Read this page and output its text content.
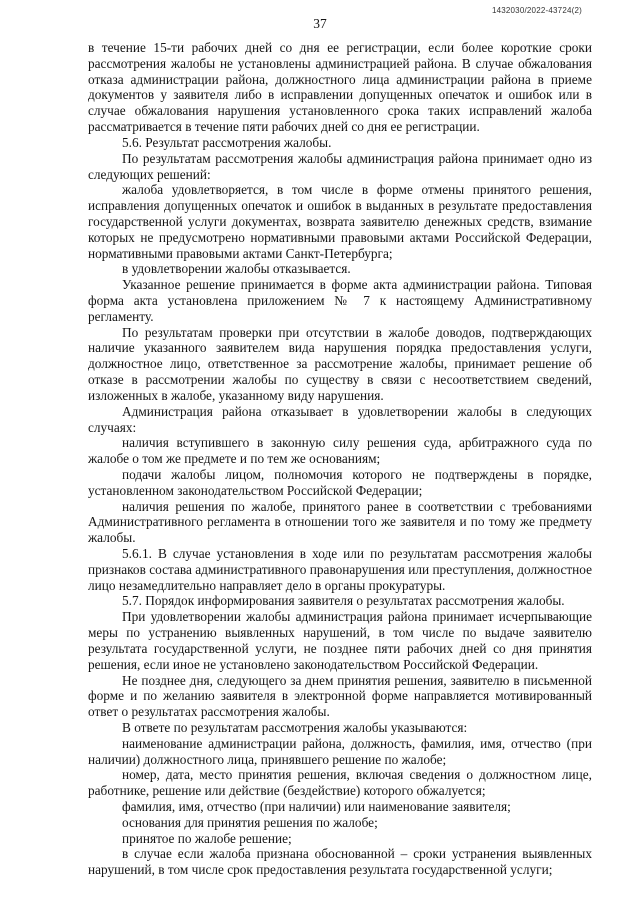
1432030/2022-43724(2)
37

в течение 15-ти рабочих дней со дня ее регистрации, если более короткие сроки рассмотрения жалобы не установлены администрацией района. В случае обжалования отказа администрации района, должностного лица администрации района в приеме документов у заявителя либо в исправлении допущенных опечаток и ошибок или в случае обжалования нарушения установленного срока таких исправлений жалоба рассматривается в течение пяти рабочих дней со дня ее регистрации.

5.6. Результат рассмотрения жалобы.

По результатам рассмотрения жалобы администрация района принимает одно из следующих решений:

жалоба удовлетворяется, в том числе в форме отмены принятого решения, исправления допущенных опечаток и ошибок в выданных в результате предоставления государственной услуги документах, возврата заявителю денежных средств, взимание которых не предусмотрено нормативными правовыми актами Российской Федерации, нормативными правовыми актами Санкт-Петербурга;

в удовлетворении жалобы отказывается.

Указанное решение принимается в форме акта администрации района. Типовая форма акта установлена приложением № 7 к настоящему Административному регламенту.

По результатам проверки при отсутствии в жалобе доводов, подтверждающих наличие указанного заявителем вида нарушения порядка предоставления услуги, должностное лицо, ответственное за рассмотрение жалобы, принимает решение об отказе в рассмотрении жалобы по существу в связи с несоответствием сведений, изложенных в жалобе, указанному виду нарушения.

Администрация района отказывает в удовлетворении жалобы в следующих случаях:

наличия вступившего в законную силу решения суда, арбитражного суда по жалобе о том же предмете и по тем же основаниям;

подачи жалобы лицом, полномочия которого не подтверждены в порядке, установленном законодательством Российской Федерации;

наличия решения по жалобе, принятого ранее в соответствии с требованиями Административного регламента в отношении того же заявителя и по тому же предмету жалобы.

5.6.1. В случае установления в ходе или по результатам рассмотрения жалобы признаков состава административного правонарушения или преступления, должностное лицо незамедлительно направляет дело в органы прокуратуры.

5.7. Порядок информирования заявителя о результатах рассмотрения жалобы.

При удовлетворении жалобы администрация района принимает исчерпывающие меры по устранению выявленных нарушений, в том числе по выдаче заявителю результата государственной услуги, не позднее пяти рабочих дней со дня принятия решения, если иное не установлено законодательством Российской Федерации.

Не позднее дня, следующего за днем принятия решения, заявителю в письменной форме и по желанию заявителя в электронной форме направляется мотивированный ответ о результатах рассмотрения жалобы.

В ответе по результатам рассмотрения жалобы указываются:

наименование администрации района, должность, фамилия, имя, отчество (при наличии) должностного лица, принявшего решение по жалобе;

номер, дата, место принятия решения, включая сведения о должностном лице, работнике, решение или действие (бездействие) которого обжалуется;

фамилия, имя, отчество (при наличии) или наименование заявителя;

основания для принятия решения по жалобе;

принятое по жалобе решение;

в случае если жалоба признана обоснованной – сроки устранения выявленных нарушений, в том числе срок предоставления результата государственной услуги;
